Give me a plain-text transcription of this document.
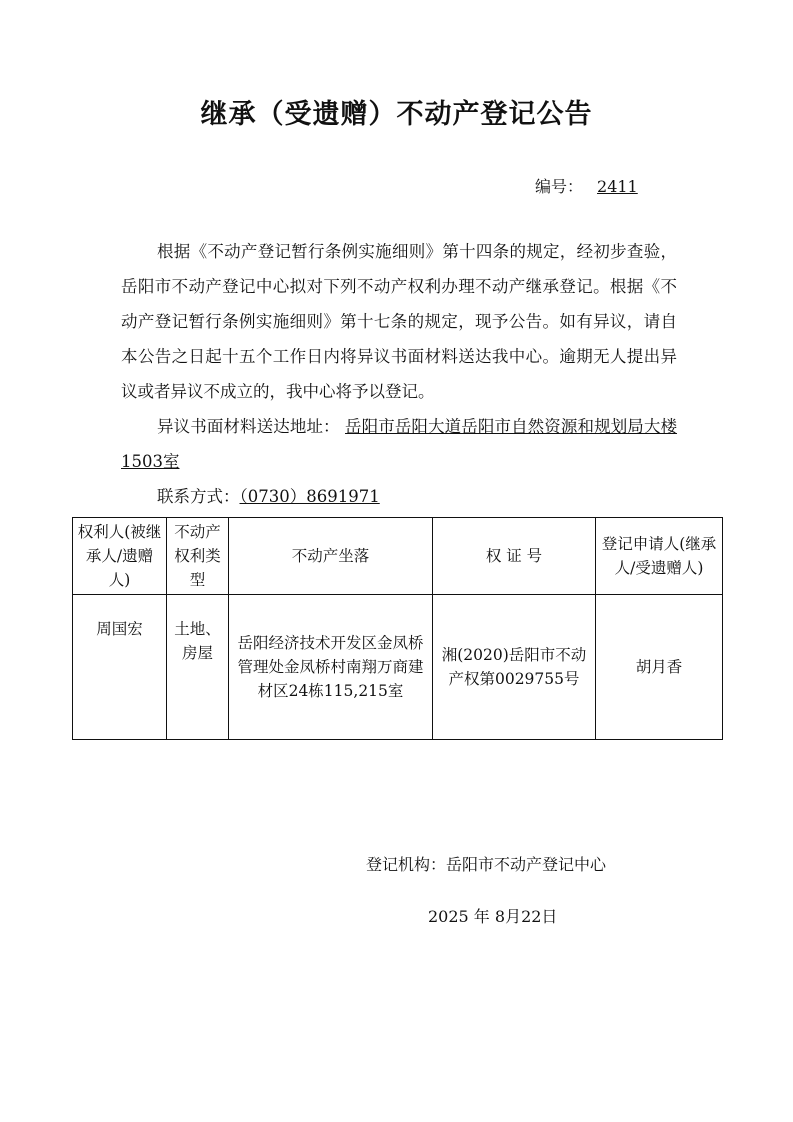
继承（受遗赠）不动产登记公告
编号： 2411

根据《不动产登记暂行条例实施细则》第十四条的规定，经初步查验，岳阳市不动产登记中心拟对下列不动产权利办理不动产继承登记。根据《不动产登记暂行条例实施细则》第十七条的规定，现予公告。如有异议，请自本公告之日起十五个工作日内将异议书面材料送达我中心。逾期无人提出异议或者异议不成立的，我中心将予以登记。

异议书面材料送达地址： 岳阳市岳阳大道岳阳市自然资源和规划局大楼1503室

联系方式：（0730）8691971

权利人(被继承人/遗赠人)	不动产权利类型	不动产坐落	权 证 号	登记申请人(继承人/受遗赠人)
周国宏	土地、房屋	岳阳经济技术开发区金凤桥管理处金凤桥村南翔万商建材区24栋115,215室	湘(2020)岳阳市不动产权第0029755号	胡月香
登记机构：岳阳市不动产登记中心
2025 年 8月22日
